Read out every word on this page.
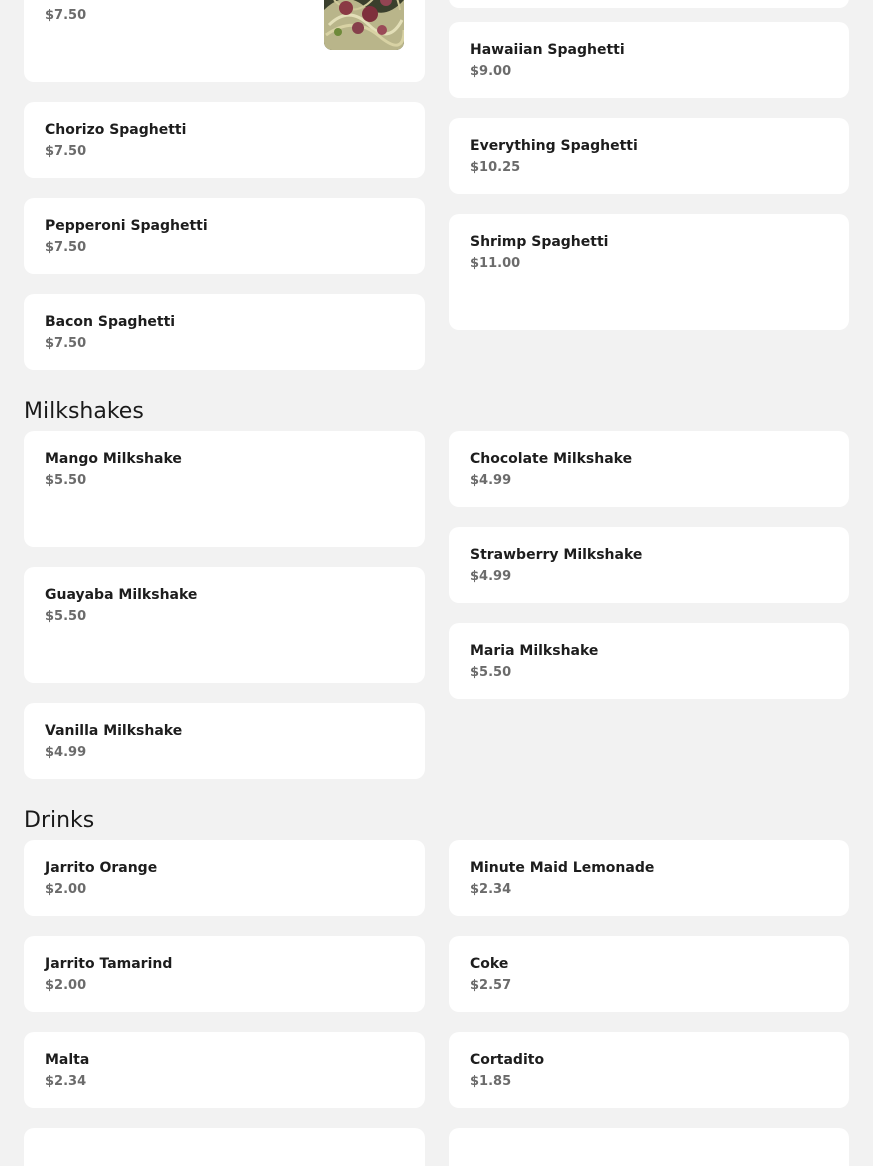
$7.50
Hawaiian Spaghetti
$9.00
Chorizo Spaghetti
$7.50	Everything Spaghetti
$10.25
Pepperoni Spaghetti
$7.50	Shrimp Spaghetti
$11.00
Bacon Spaghetti
$7.50
Milkshakes
Mango Milkshake
$5.50
Chocolate Milkshake
$4.99
Strawberry Milkshake
$4.99
Guayaba Milkshake
$5.50
Maria Milkshake
$5.50
Vanilla Milkshake
$4.99
Drinks
Jarrito Orange
$2.00
Minute Maid Lemonade
$2.34
Jarrito Tamarind
$2.00
Coke
$2.57
Malta
$2.34
Cortadito
$1.85
